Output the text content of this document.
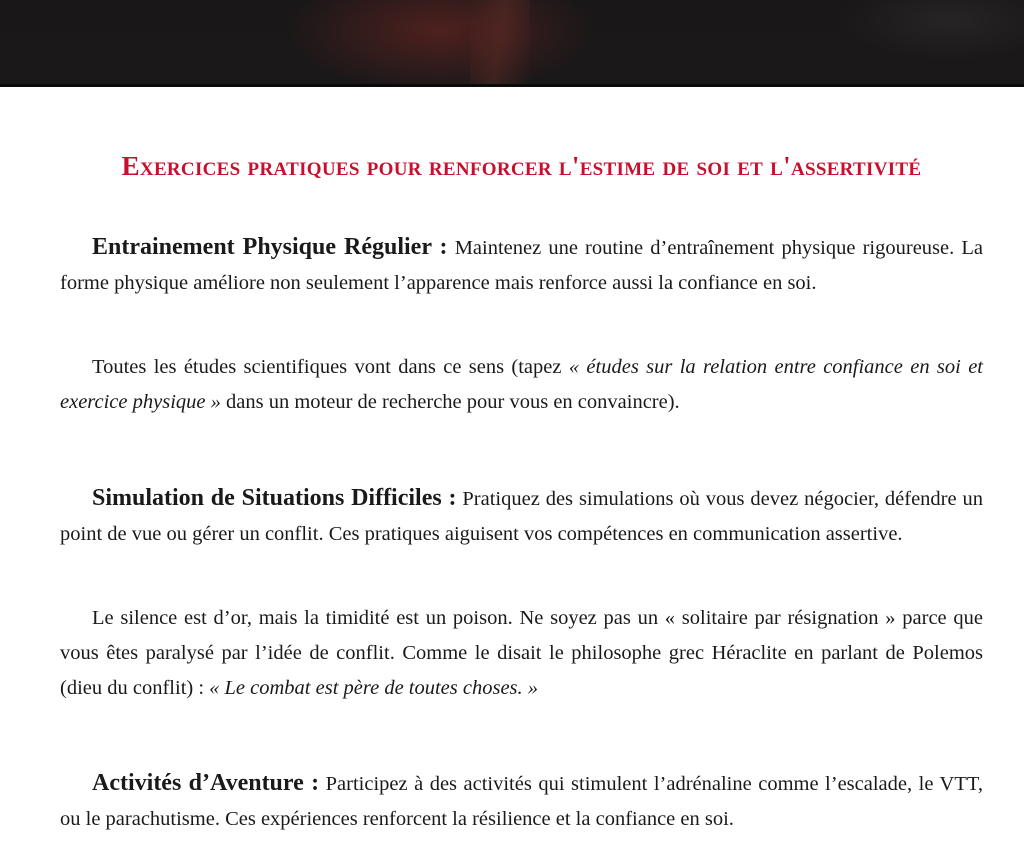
Exercices pratiques pour renforcer l'estime de soi et l'assertivité

Entrainement Physique Régulier : Maintenez une routine d’entraînement physique rigoureuse. La forme physique améliore non seulement l’apparence mais renforce aussi la confiance en soi.

Toutes les études scientifiques vont dans ce sens (tapez « études sur la relation entre confiance en soi et exercice physique » dans un moteur de recherche pour vous en convaincre).

Simulation de Situations Difficiles : Pratiquez des simulations où vous devez négocier, défendre un point de vue ou gérer un conflit. Ces pratiques aiguisent vos compétences en communication assertive.

Le silence est d’or, mais la timidité est un poison. Ne soyez pas un « solitaire par résignation » parce que vous êtes paralysé par l’idée de conflit. Comme le disait le philosophe grec Héraclite en parlant de Polemos (dieu du conflit) : « Le combat est père de toutes choses. »

Activités d’Aventure : Participez à des activités qui stimulent l’adrénaline comme l’escalade, le VTT, ou le parachutisme. Ces expériences renforcent la résilience et la confiance en soi.
